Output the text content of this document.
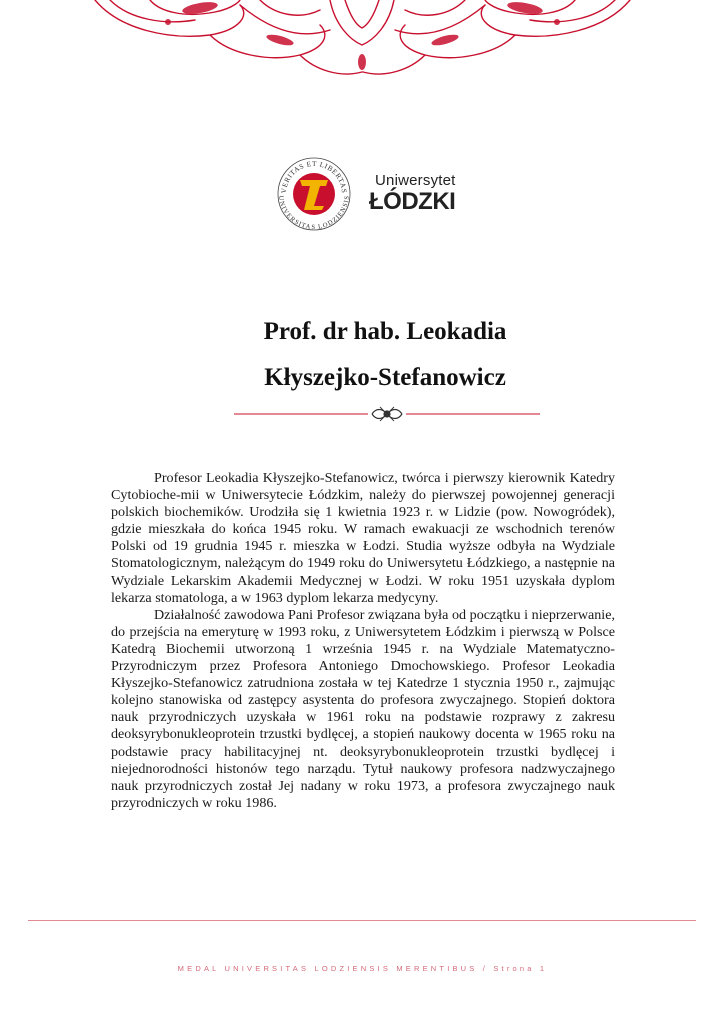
VERITAS ET LIBERTAS
UNIVERSITAS LODZIENSIS
Uniwersytet
ŁÓDZKI
Prof. dr hab. Leokadia
Kłyszejko-Stefanowicz

Profesor Leokadia Kłyszejko-Stefanowicz, twórca i pierwszy kierownik Katedry Cytobioche-mii w Uniwersytecie Łódzkim, należy do pierwszej powojennej generacji polskich biochemików. Urodziła się 1 kwietnia 1923 r. w Lidzie (pow. Nowogródek), gdzie mieszkała do końca 1945 roku. W ramach ewakuacji ze wschodnich terenów Polski od 19 grudnia 1945 r. mieszka w Łodzi. Studia wyższe odbyła na Wydziale Stomatologicznym, należącym do 1949 roku do Uniwersytetu Łódzkiego, a następnie na Wydziale Lekarskim Akademii Medycznej w Łodzi. W roku 1951 uzyskała dyplom lekarza stomatologa, a w 1963 dyplom lekarza medycyny.

Działalność zawodowa Pani Profesor związana była od początku i nieprzerwanie, do przejścia na emeryturę w 1993 roku, z Uniwersytetem Łódzkim i pierwszą w Polsce Katedrą Biochemii utworzoną 1 września 1945 r. na Wydziale Matematyczno-Przyrodniczym przez Profesora Antoniego Dmochowskiego. Profesor Leokadia Kłyszejko-Stefanowicz zatrudniona została w tej Katedrze 1 stycznia 1950 r., zajmując kolejno stanowiska od zastępcy asystenta do profesora zwyczajnego. Stopień doktora nauk przyrodniczych uzyskała w 1961 roku na podstawie rozprawy z zakresu deoksyrybonukleoprotein trzustki bydlęcej, a stopień naukowy docenta w 1965 roku na podstawie pracy habilitacyjnej nt. deoksyrybonukleoprotein trzustki bydlęcej i niejednorodności histonów tego narządu. Tytuł naukowy profesora nadzwyczajnego nauk przyrodniczych został Jej nadany w roku 1973, a profesora zwyczajnego nauk przyrodniczych w roku 1986.

MEDAL UNIVERSITAS LODZIENSIS MERENTIBUS / Strona 1
